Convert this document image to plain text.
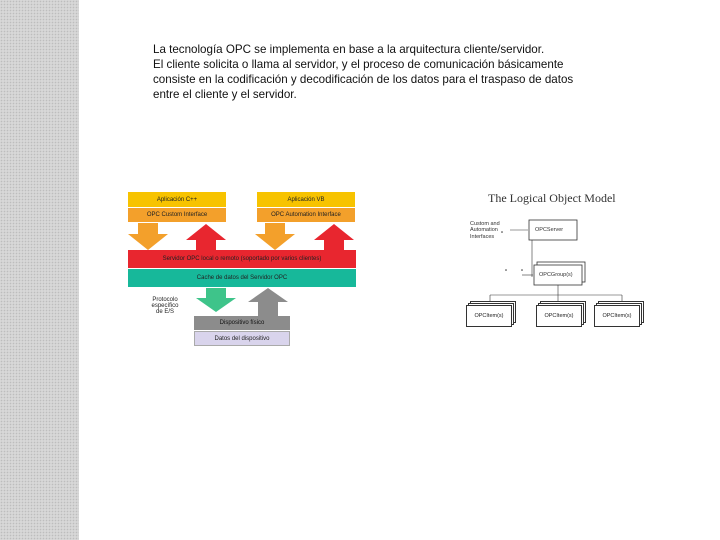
La tecnología OPC se implementa en base a la arquitectura cliente/servidor.
El cliente solicita o llama al servidor, y el proceso de comunicación básicamente
consiste en la codificación y decodificación de los datos para el traspaso de datos
entre el cliente y el servidor.
Aplicación C++	Aplicación VB
OPC Custom Interface	OPC Automation Interface
Servidor OPC local o remoto (soportado por varios clientes)
Cache de datos del Servidor OPC
Protocolo
específico
de E/S
Dispositivo físico
Datos del dispositivo
The Logical Object Model
Custom and
Automation
Interfaces
OPCServer
OPCGroup(s)
OPCItem(s)	OPCItem(s)	OPCItem(s)
